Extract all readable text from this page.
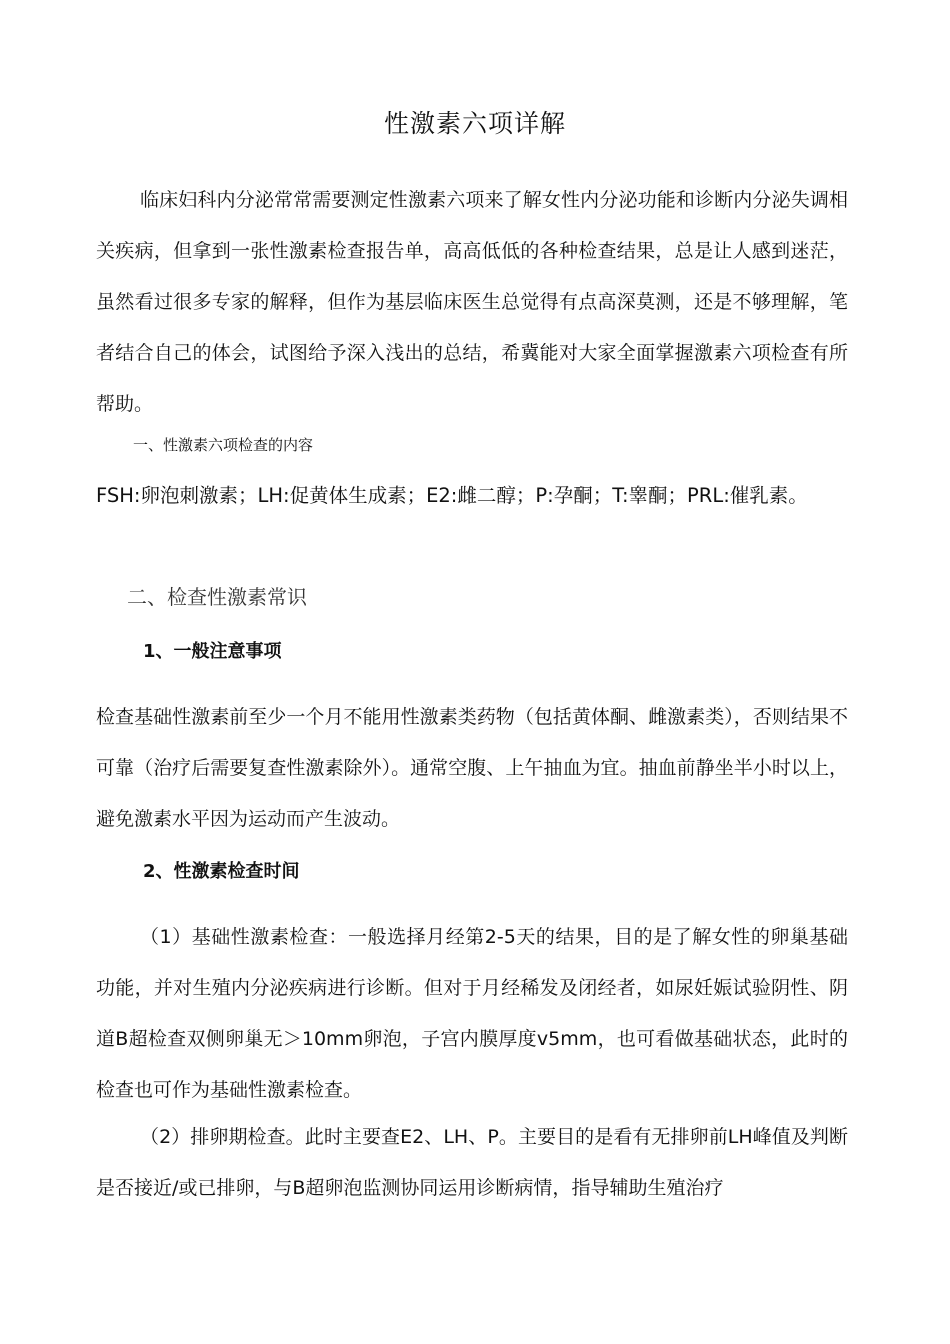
性激素六项详解

临床妇科内分泌常常需要测定性激素六项来了解女性内分泌功能和诊断内分泌失调相关疾病，但拿到一张性激素检查报告单，高高低低的各种检查结果，总是让人感到迷茫，虽然看过很多专家的解释，但作为基层临床医生总觉得有点高深莫测，还是不够理解，笔者结合自己的体会，试图给予深入浅出的总结，希冀能对大家全面掌握激素六项检查有所帮助。

一、性激素六项检查的内容
FSH:卵泡刺激素；LH:促黄体生成素；E2:雌二醇；P:孕酮；T:睾酮；PRL:催乳素。
二、检查性激素常识
1、一般注意事项

检查基础性激素前至少一个月不能用性激素类药物（包括黄体酮、雌激素类），否则结果不可靠（治疗后需要复查性激素除外）。通常空腹、上午抽血为宜。抽血前静坐半小时以上，避免激素水平因为运动而产生波动。

2、性激素检查时间

（1）基础性激素检查：一般选择月经第2-5天的结果，目的是了解女性的卵巢基础功能，并对生殖内分泌疾病进行诊断。但对于月经稀发及闭经者，如尿妊娠试验阴性、阴道B超检查双侧卵巢无＞10mm卵泡，子宫内膜厚度v5mm，也可看做基础状态，此时的检查也可作为基础性激素检查。

（2）排卵期检查。此时主要查E2、LH、P。主要目的是看有无排卵前LH峰值及判断是否接近/或已排卵，与B超卵泡监测协同运用诊断病情，指导辅助生殖治疗
